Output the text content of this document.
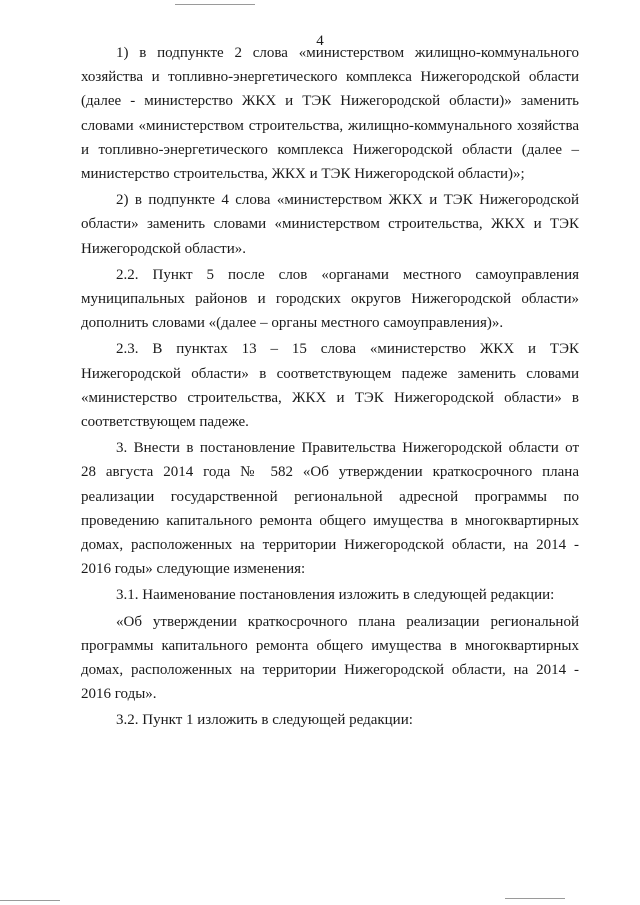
4

1) в подпункте 2 слова «министерством жилищно-коммунального хозяйства и топливно-энергетического комплекса Нижегородской области (далее - министерство ЖКХ и ТЭК Нижегородской области)» заменить словами «министерством строительства, жилищно-коммунального хозяйства и топливно-энергетического комплекса Нижегородской области (далее – министерство строительства, ЖКХ и ТЭК Нижегородской области)»;

2) в подпункте 4 слова «министерством ЖКХ и ТЭК Нижегородской области» заменить словами «министерством строительства, ЖКХ и ТЭК Нижегородской области».

2.2. Пункт 5 после слов «органами местного самоуправления муниципальных районов и городских округов Нижегородской области» дополнить словами «(далее – органы местного самоуправления)».

2.3. В пунктах 13 – 15 слова «министерство ЖКХ и ТЭК Нижегородской области» в соответствующем падеже заменить словами «министерство строительства, ЖКХ и ТЭК Нижегородской области» в соответствующем падеже.

3. Внести в постановление Правительства Нижегородской области от 28 августа 2014 года № 582 «Об утверждении краткосрочного плана реализации государственной региональной адресной программы по проведению капитального ремонта общего имущества в многоквартирных домах, расположенных на территории Нижегородской области, на 2014 - 2016 годы» следующие изменения:

3.1. Наименование постановления изложить в следующей редакции:

«Об утверждении краткосрочного плана реализации региональной программы капитального ремонта общего имущества в многоквартирных домах, расположенных на территории Нижегородской области, на 2014 - 2016 годы».

3.2. Пункт 1 изложить в следующей редакции:
